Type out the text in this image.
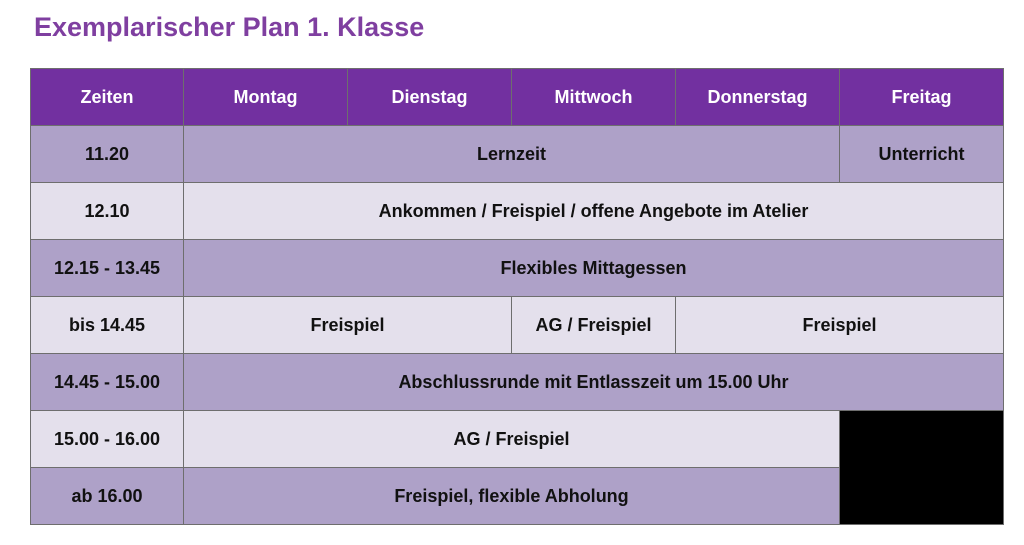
Exemplarischer Plan 1. Klasse
Zeiten	Montag	Dienstag	Mittwoch	Donnerstag	Freitag
11.20	Lernzeit				Unterricht
12.10	Ankommen / Freispiel / offene Angebote im Atelier				
12.15 - 13.45	Flexibles Mittagessen				
bis 14.45	Freispiel		AG / Freispiel	Freispiel	
14.45 - 15.00	Abschlussrunde mit Entlasszeit um 15.00 Uhr				
15.00 - 16.00	AG / Freispiel				
ab 16.00	Freispiel, flexible Abholung				
